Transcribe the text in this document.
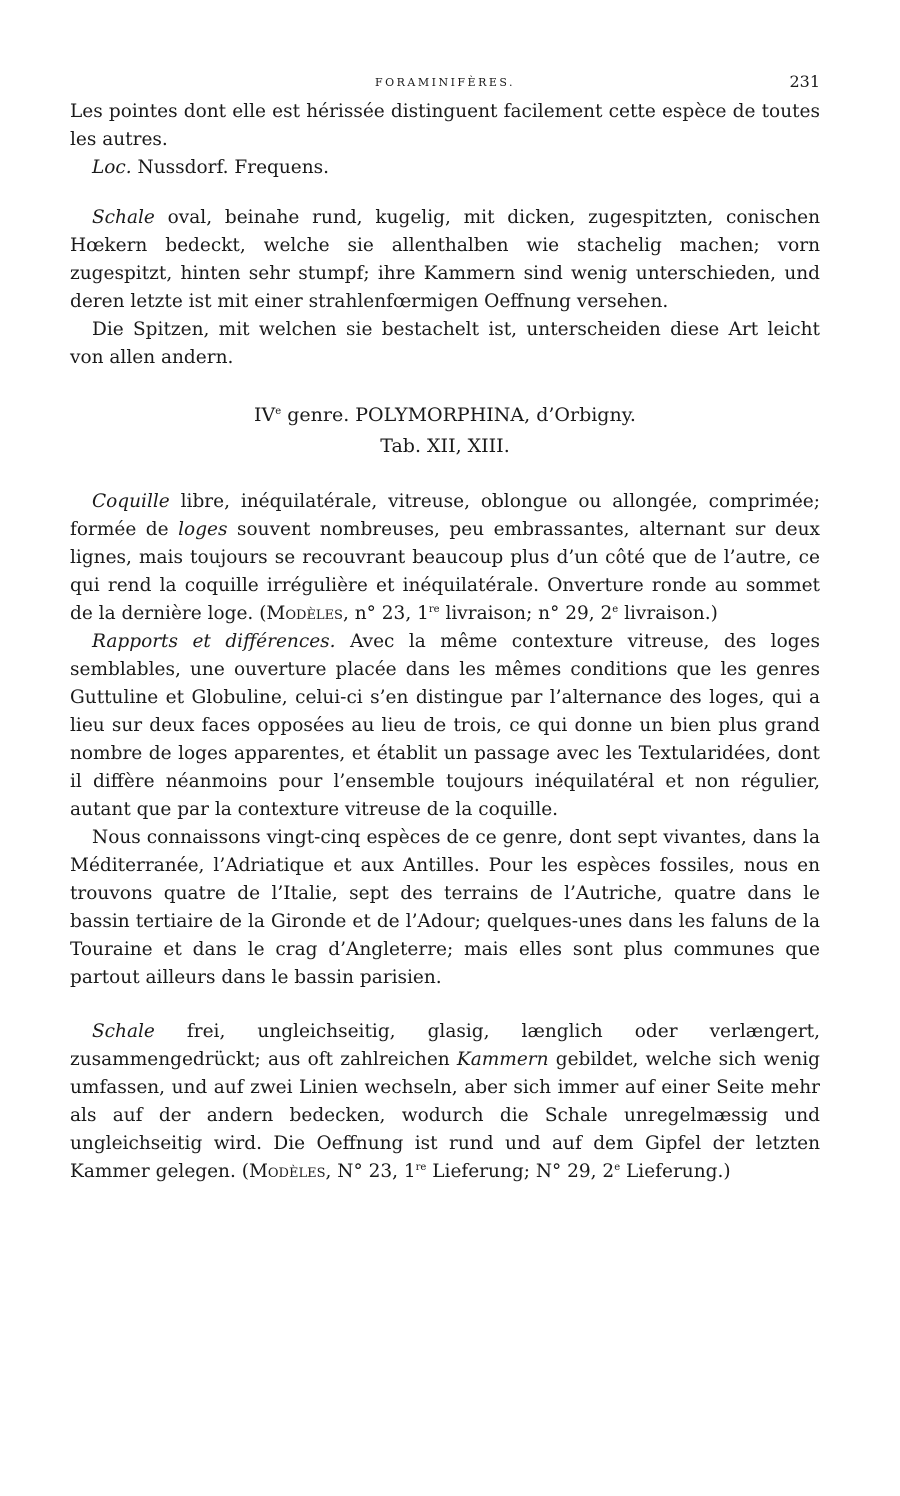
FORAMINIFÈRES.	231

Les pointes dont elle est hérissée distinguent facilement cette espèce de toutes les autres.

Loc. Nussdorf. Frequens.

Schale oval, beinahe rund, kugelig, mit dicken, zugespitzten, conischen Hœkern bedeckt, welche sie allenthalben wie stachelig machen; vorn zugespitzt, hinten sehr stumpf; ihre Kammern sind wenig unterschieden, und deren letzte ist mit einer strahlenfœrmigen Oeffnung versehen.

Die Spitzen, mit welchen sie bestachelt ist, unterscheiden diese Art leicht von allen andern.

IVe genre. POLYMORPHINA, d’Orbigny.

Tab. XII, XIII.

Coquille libre, inéquilatérale, vitreuse, oblongue ou allongée, comprimée; formée de loges souvent nombreuses, peu embrassantes, alternant sur deux lignes, mais toujours se recouvrant beaucoup plus d’un côté que de l’autre, ce qui rend la coquille irrégulière et inéquilatérale. Onverture ronde au sommet de la dernière loge. (Modèles, n° 23, 1re livraison; n° 29, 2e livraison.)

Rapports et différences. Avec la même contexture vitreuse, des loges semblables, une ouverture placée dans les mêmes conditions que les genres Guttuline et Globuline, celui-ci s’en distingue par l’alternance des loges, qui a lieu sur deux faces opposées au lieu de trois, ce qui donne un bien plus grand nombre de loges apparentes, et établit un passage avec les Textularidées, dont il diffère néanmoins pour l’ensemble toujours inéquilatéral et non régulier, autant que par la contexture vitreuse de la coquille.

Nous connaissons vingt-cinq espèces de ce genre, dont sept vivantes, dans la Méditerranée, l’Adriatique et aux Antilles. Pour les espèces fossiles, nous en trouvons quatre de l’Italie, sept des terrains de l’Autriche, quatre dans le bassin tertiaire de la Gironde et de l’Adour; quelques-unes dans les faluns de la Touraine et dans le crag d’Angleterre; mais elles sont plus communes que partout ailleurs dans le bassin parisien.

Schale frei, ungleichseitig, glasig, længlich oder verlængert, zusammengedrückt; aus oft zahlreichen Kammern gebildet, welche sich wenig umfassen, und auf zwei Linien wechseln, aber sich immer auf einer Seite mehr als auf der andern bedecken, wodurch die Schale unregelmæssig und ungleichseitig wird. Die Oeffnung ist rund und auf dem Gipfel der letzten Kammer gelegen. (Modèles, N° 23, 1re Lieferung; N° 29, 2e Lieferung.)
